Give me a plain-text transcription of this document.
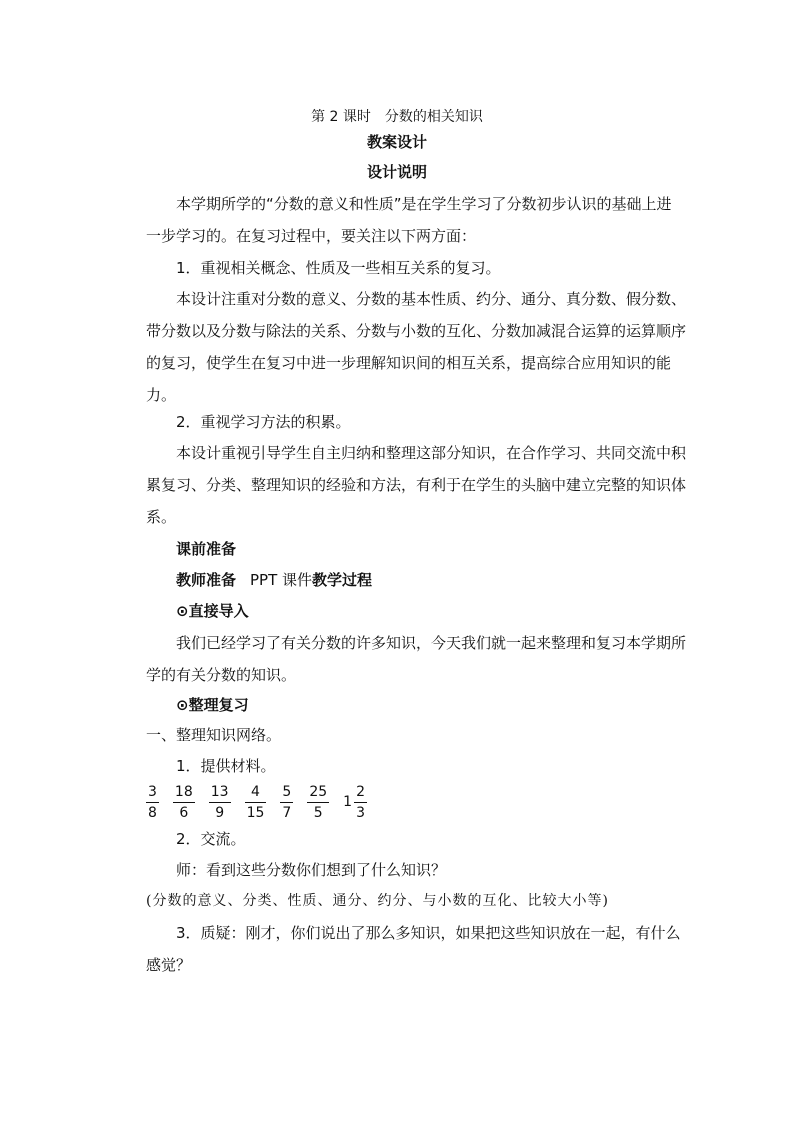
第 2 课时　分数的相关知识
教案设计
设计说明

本学期所学的“分数的意义和性质”是在学生学习了分数初步认识的基础上进一步学习的。在复习过程中，要关注以下两方面：

1．重视相关概念、性质及一些相互关系的复习。

本设计注重对分数的意义、分数的基本性质、约分、通分、真分数、假分数、带分数以及分数与除法的关系、分数与小数的互化、分数加减混合运算的运算顺序的复习，使学生在复习中进一步理解知识间的相互关系，提高综合应用知识的能力。

2．重视学习方法的积累。

本设计重视引导学生自主归纳和整理这部分知识，在合作学习、共同交流中积累复习、分类、整理知识的经验和方法，有利于在学生的头脑中建立完整的知识体系。

课前准备
教师准备 PPT 课件教学过程
⊙直接导入

我们已经学习了有关分数的许多知识，今天我们就一起来整理和复习本学期所学的有关分数的知识。

⊙整理复习
一、整理知识网络。
1．提供材料。
$\frac{3}{8} \frac{18}{6} \frac{13}{9} \frac{4}{15} \frac{5}{7} \frac{25}{5} 1 \frac{2}{3}$
2．交流。
师：看到这些分数你们想到了什么知识？
(分数的意义、分类、性质、通分、约分、与小数的互化、比较大小等)

3．质疑：刚才，你们说出了那么多知识，如果把这些知识放在一起，有什么感觉？
